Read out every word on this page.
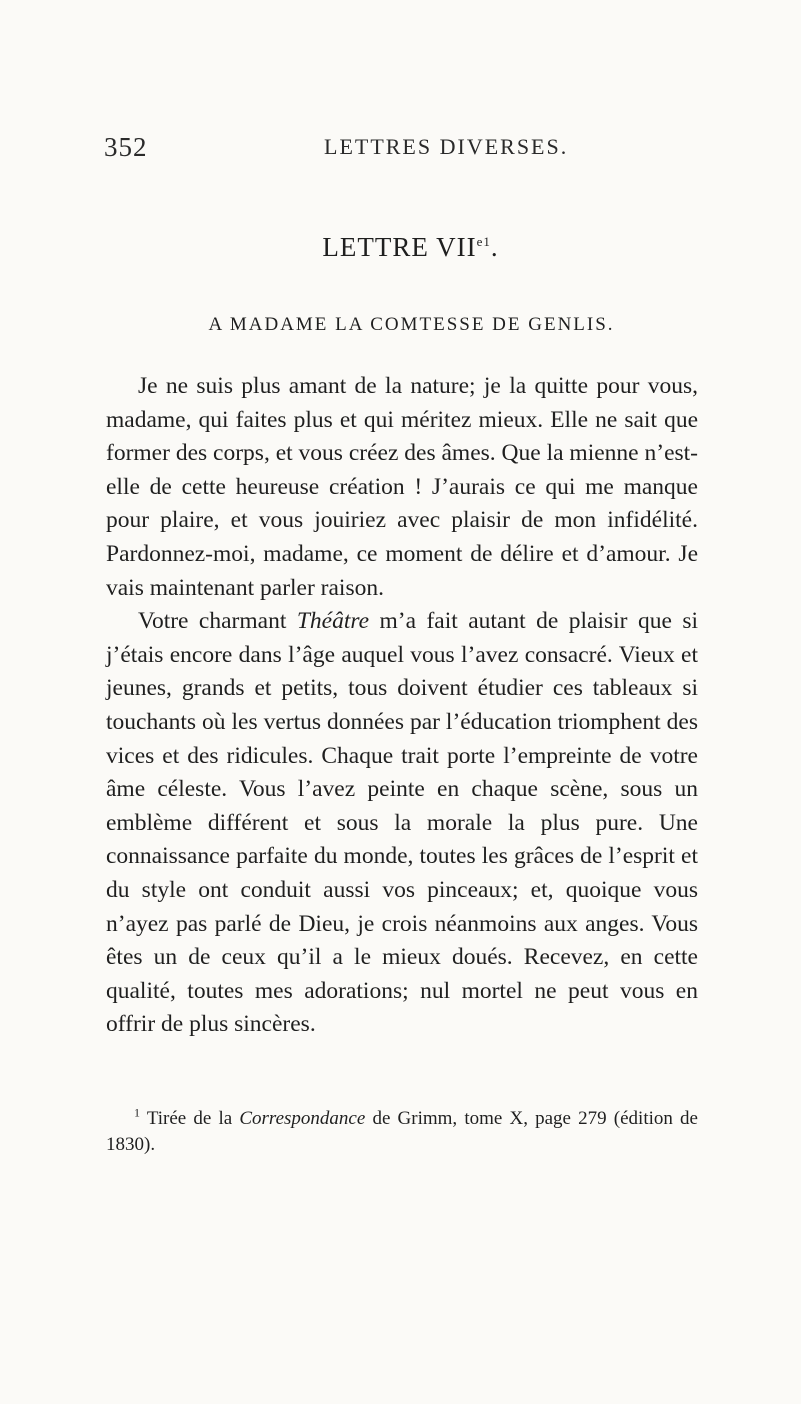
352	LETTRES DIVERSES.
LETTRE $VII^{e1}$.
A MADAME LA COMTESSE DE GENLIS.

Je ne suis plus amant de la nature; je la quitte pour vous, madame, qui faites plus et qui méritez mieux. Elle ne sait que former des corps, et vous créez des âmes. Que la mienne n’est-elle de cette heureuse création ! J’aurais ce qui me manque pour plaire, et vous jouiriez avec plaisir de mon infidélité. Pardonnez-moi, madame, ce moment de délire et d’amour. Je vais maintenant parler raison.

Votre charmant Théâtre m’a fait autant de plaisir que si j’étais encore dans l’âge auquel vous l’avez consacré. Vieux et jeunes, grands et petits, tous doivent étudier ces tableaux si touchants où les vertus données par l’éducation triomphent des vices et des ridicules. Chaque trait porte l’empreinte de votre âme céleste. Vous l’avez peinte en chaque scène, sous un emblème différent et sous la morale la plus pure. Une connaissance parfaite du monde, toutes les grâces de l’esprit et du style ont conduit aussi vos pinceaux; et, quoique vous n’ayez pas parlé de Dieu, je crois néanmoins aux anges. Vous êtes un de ceux qu’il a le mieux doués. Recevez, en cette qualité, toutes mes adorations; nul mortel ne peut vous en offrir de plus sincères.

$^1$ Tirée de la Correspondance de Grimm, tome X, page 279 (édition de 1830).
